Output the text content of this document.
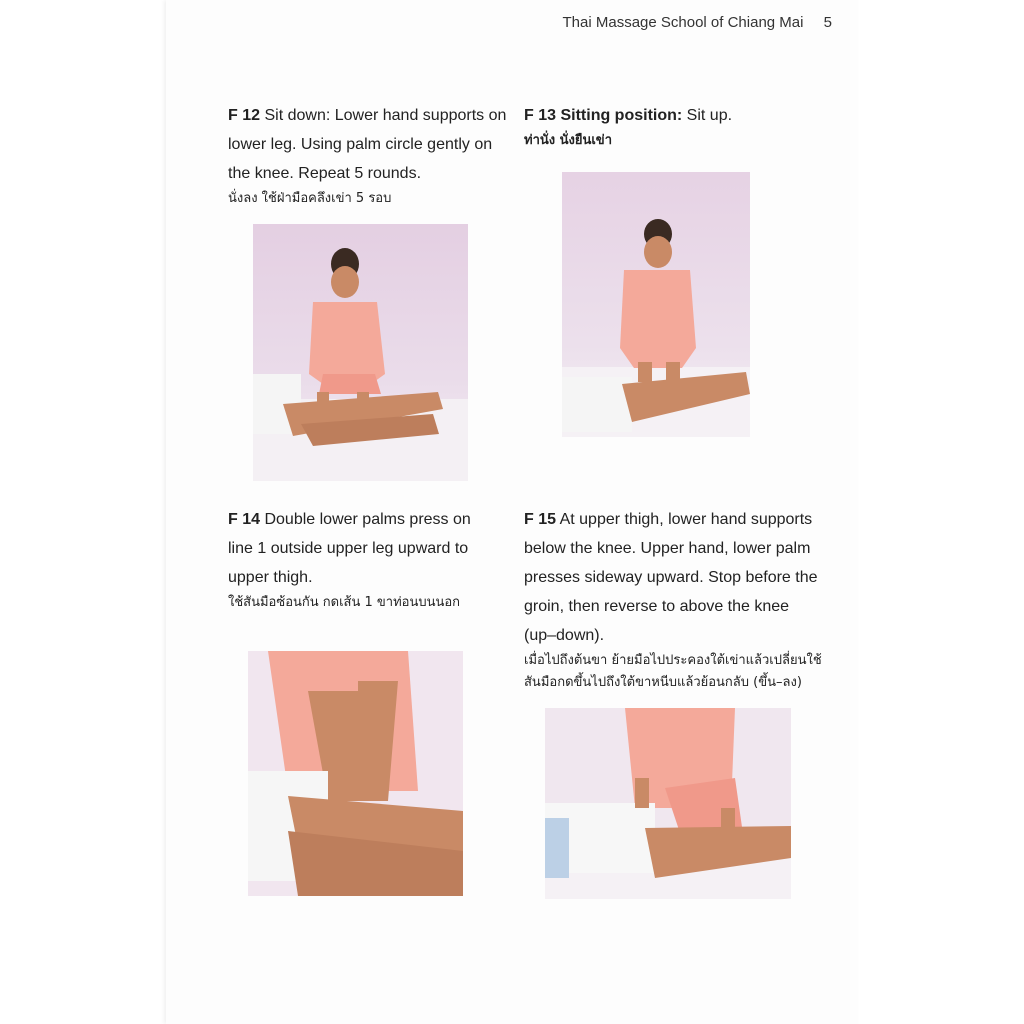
Thai Massage School of Chiang Mai 5
F 12 Sit down: Lower hand supports on lower leg. Using palm circle gently on the knee. Repeat 5 rounds.
นั่งลง ใช้ฝ่ามือคลึงเข่า 5 รอบ
F 13 Sitting position: Sit up.
ท่านั่ง นั่งยืนเข่า
F 14 Double lower palms press on line 1 outside upper leg upward to upper thigh.
ใช้สันมือซ้อนกัน กดเส้น 1 ขาท่อนบนนอก
F 15 At upper thigh, lower hand supports below the knee. Upper hand, lower palm presses sideway upward. Stop before the groin, then reverse to above the knee (up–down).
เมื่อไปถึงต้นขา ย้ายมือไปประคองใต้เข่าแล้วเปลี่ยนใช้สันมือกดขึ้นไปถึงใต้ขาหนีบแล้วย้อนกลับ (ขึ้น–ลง)
